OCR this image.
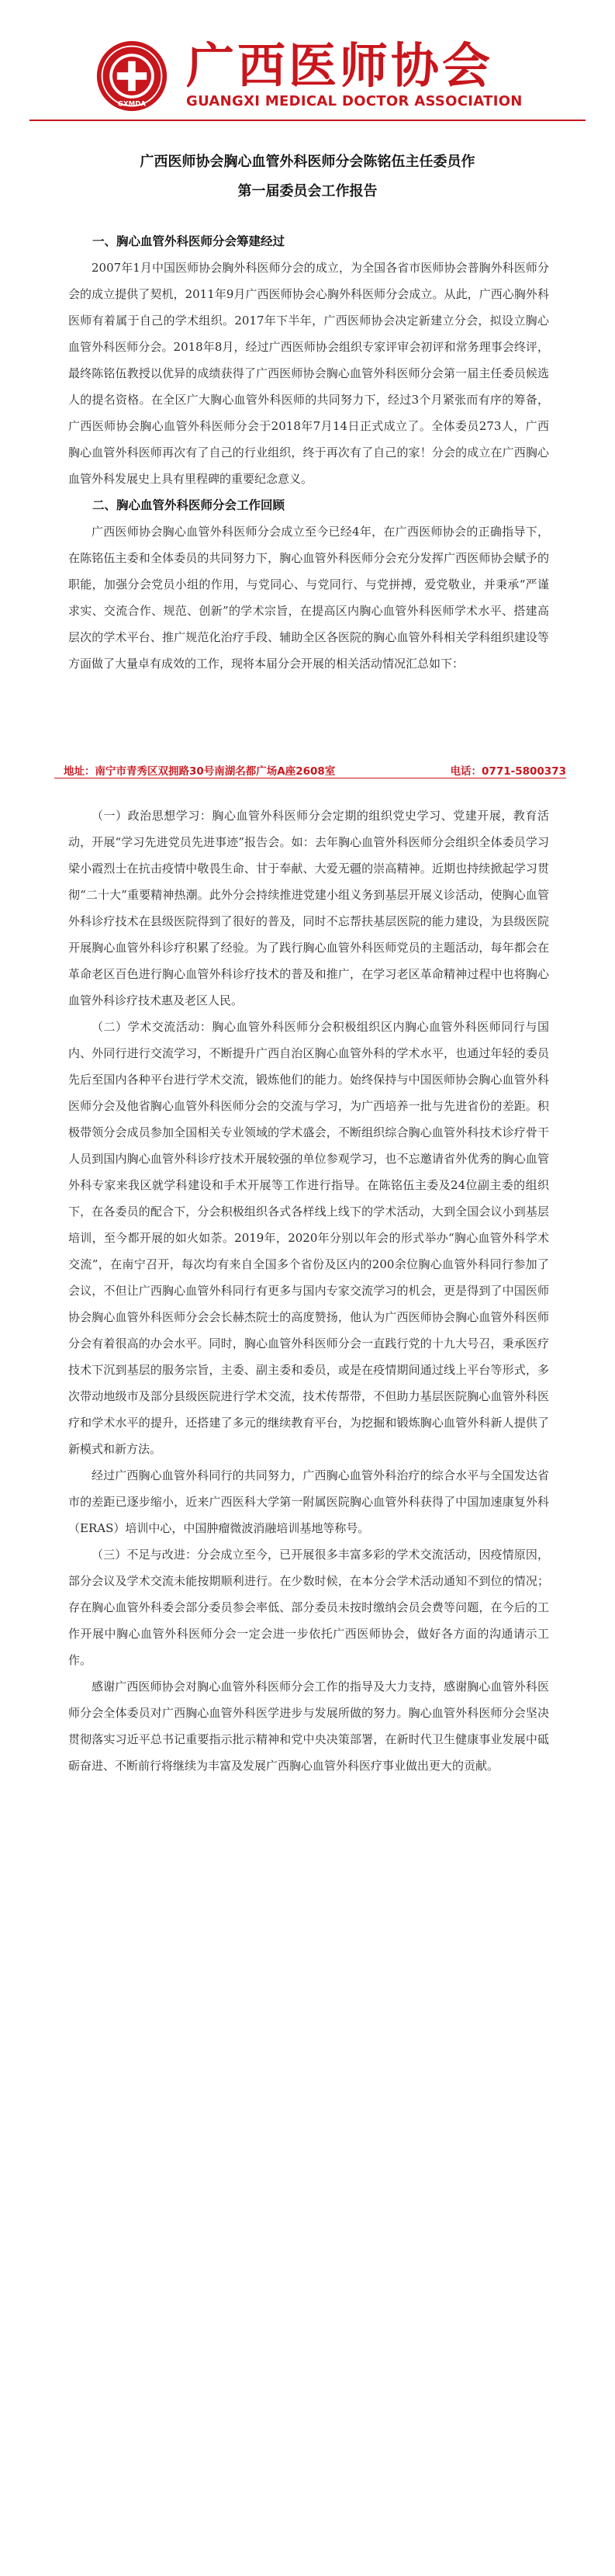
GXMDA
广西医师协会
GUANGXI MEDICAL DOCTOR ASSOCIATION
广西医师协会胸心血管外科医师分会陈铭伍主任委员作
第一届委员会工作报告

一、胸心血管外科医师分会筹建经过

2007年1月中国医师协会胸外科医师分会的成立，为全国各省市医师协会普胸外科医师分会的成立提供了契机，2011年9月广西医师协会心胸外科医师分会成立。从此，广西心胸外科医师有着属于自己的学术组织。2017年下半年，广西医师协会决定新建立分会，拟设立胸心血管外科医师分会。2018年8月，经过广西医师协会组织专家评审会初评和常务理事会终评，最终陈铭伍教授以优异的成绩获得了广西医师协会胸心血管外科医师分会第一届主任委员候选人的提名资格。在全区广大胸心血管外科医师的共同努力下，经过3个月紧张而有序的筹备，广西医师协会胸心血管外科医师分会于2018年7月14日正式成立了。全体委员273人，广西胸心血管外科医师再次有了自己的行业组织，终于再次有了自己的家！分会的成立在广西胸心血管外科发展史上具有里程碑的重要纪念意义。

二、胸心血管外科医师分会工作回顾

广西医师协会胸心血管外科医师分会成立至今已经4年，在广西医师协会的正确指导下，在陈铭伍主委和全体委员的共同努力下，胸心血管外科医师分会充分发挥广西医师协会赋予的职能，加强分会党员小组的作用，与党同心、与党同行、与党拼搏，爱党敬业，并秉承“严谨求实、交流合作、规范、创新”的学术宗旨，在提高区内胸心血管外科医师学术水平、搭建高层次的学术平台、推广规范化治疗手段、辅助全区各医院的胸心血管外科相关学科组织建设等方面做了大量卓有成效的工作，现将本届分会开展的相关活动情况汇总如下：

地址：南宁市青秀区双拥路30号南湖名都广场A座2608室	电话：0771-5800373

（一）政治思想学习：胸心血管外科医师分会定期的组织党史学习、党建开展，教育活动，开展“学习先进党员先进事迹”报告会。如：去年胸心血管外科医师分会组织全体委员学习梁小霞烈士在抗击疫情中敬畏生命、甘于奉献、大爱无疆的崇高精神。近期也持续掀起学习贯彻“二十大”重要精神热潮。此外分会持续推进党建小组义务到基层开展义诊活动，使胸心血管外科诊疗技术在县级医院得到了很好的普及，同时不忘帮扶基层医院的能力建设，为县级医院开展胸心血管外科诊疗积累了经验。为了践行胸心血管外科医师党员的主题活动，每年都会在革命老区百色进行胸心血管外科诊疗技术的普及和推广，在学习老区革命精神过程中也将胸心血管外科诊疗技术惠及老区人民。

（二）学术交流活动：胸心血管外科医师分会积极组织区内胸心血管外科医师同行与国内、外同行进行交流学习，不断提升广西自治区胸心血管外科的学术水平，也通过年轻的委员先后至国内各种平台进行学术交流，锻炼他们的能力。始终保持与中国医师协会胸心血管外科医师分会及他省胸心血管外科医师分会的交流与学习，为广西培养一批与先进省份的差距。积极带领分会成员参加全国相关专业领域的学术盛会，不断组织综合胸心血管外科技术诊疗骨干人员到国内胸心血管外科诊疗技术开展较强的单位参观学习，也不忘邀请省外优秀的胸心血管外科专家来我区就学科建设和手术开展等工作进行指导。在陈铭伍主委及24位副主委的组织下，在各委员的配合下，分会积极组织各式各样线上线下的学术活动，大到全国会议小到基层培训，至今都开展的如火如荼。2019年，2020年分别以年会的形式举办“胸心血管外科学术交流”，在南宁召开，每次均有来自全国多个省份及区内的200余位胸心血管外科同行参加了会议，不但让广西胸心血管外科同行有更多与国内专家交流学习的机会，更是得到了中国医师协会胸心血管外科医师分会会长赫杰院士的高度赞扬，他认为广西医师协会胸心血管外科医师分会有着很高的办会水平。同时，胸心血管外科医师分会一直践行党的十九大号召，秉承医疗技术下沉到基层的服务宗旨，主委、副主委和委员，或是在疫情期间通过线上平台等形式，多次带动地级市及部分县级医院进行学术交流，技术传帮带，不但助力基层医院胸心血管外科医疗和学术水平的提升，还搭建了多元的继续教育平台，为挖掘和锻炼胸心血管外科新人提供了新模式和新方法。

经过广西胸心血管外科同行的共同努力，广西胸心血管外科治疗的综合水平与全国发达省市的差距已逐步缩小，近来广西医科大学第一附属医院胸心血管外科获得了中国加速康复外科（ERAS）培训中心，中国肿瘤微波消融培训基地等称号。

（三）不足与改进：分会成立至今，已开展很多丰富多彩的学术交流活动，因疫情原因，部分会议及学术交流未能按期顺利进行。在少数时候，在本分会学术活动通知不到位的情况；存在胸心血管外科委会部分委员参会率低、部分委员未按时缴纳会员会费等问题，在今后的工作开展中胸心血管外科医师分会一定会进一步依托广西医师协会，做好各方面的沟通请示工作。

感谢广西医师协会对胸心血管外科医师分会工作的指导及大力支持，感谢胸心血管外科医师分会全体委员对广西胸心血管外科医学进步与发展所做的努力。胸心血管外科医师分会坚决贯彻落实习近平总书记重要指示批示精神和党中央决策部署，在新时代卫生健康事业发展中砥砺奋进、不断前行将继续为丰富及发展广西胸心血管外科医疗事业做出更大的贡献。
